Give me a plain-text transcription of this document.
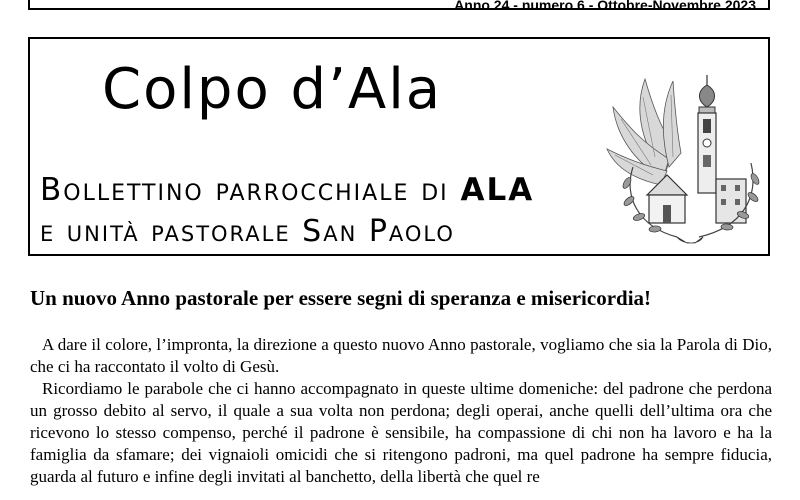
Anno 24 - numero 6 - Ottobre-Novembre 2023
Colpo d’Ala
Bollettino parrocchiale di ALA
e unità pastorale San Paolo
Un nuovo Anno pastorale per essere segni di speranza e misericordia!

A dare il colore, l’impronta, la direzione a questo nuovo Anno pastorale, vogliamo che sia la Parola di Dio, che ci ha raccontato il volto di Gesù.

Ricordiamo le parabole che ci hanno accompagnato in queste ultime domeniche: del padrone che perdona un grosso debito al servo, il quale a sua volta non perdona; degli operai, anche quelli dell’ultima ora che ricevono lo stesso compenso, perché il padrone è sensibile, ha compassione di chi non ha lavoro e ha la famiglia da sfamare; dei vignaioli omicidi che si ritengono padroni, ma quel padrone ha sempre fiducia, guarda al futuro e infine degli invitati al banchetto, della libertà che quel re
